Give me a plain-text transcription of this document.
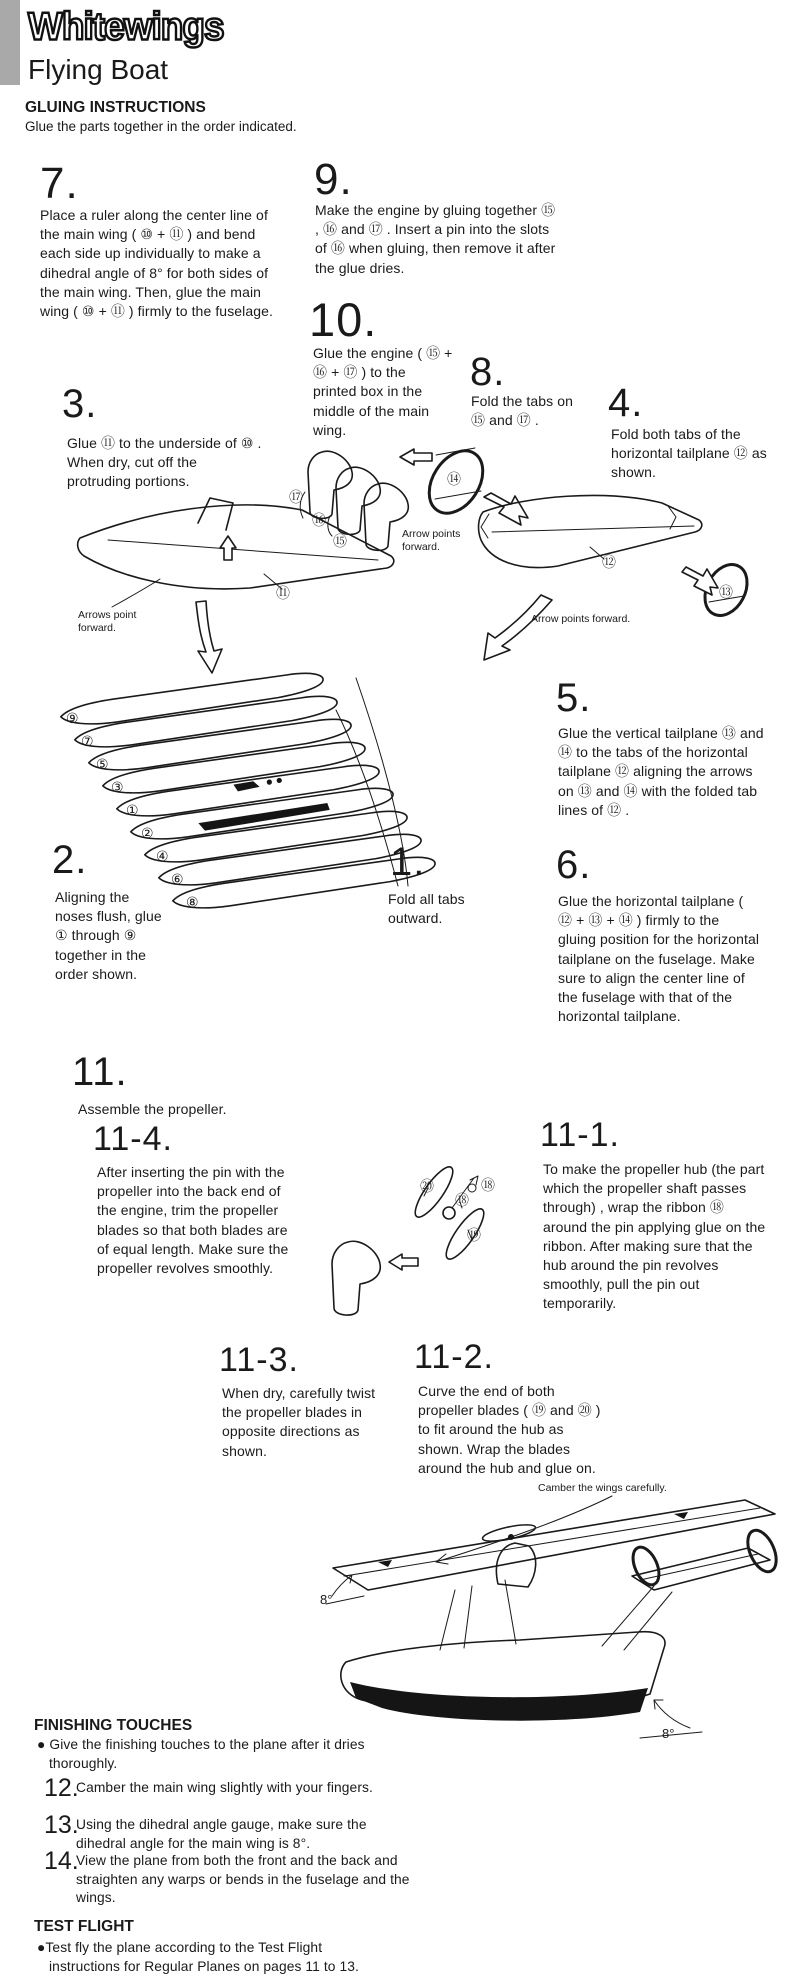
Whitewings
Flying Boat
GLUING INSTRUCTIONS
Glue the parts together in the order indicated.
7.
Place a ruler along the center line of the main wing ( ⑩ + ⑪ ) and bend each side up individually to make a dihedral angle of 8° for both sides of the main wing. Then, glue the main wing ( ⑩ + ⑪ ) firmly to the fuselage.
9.
Make the engine by gluing together ⑮ , ⑯ and ⑰ . Insert a pin into the slots of ⑯ when gluing, then remove it after the glue dries.
10.
Glue the engine ( ⑮ + ⑯ + ⑰ ) to the printed box in the middle of the main wing.
8.
Fold the tabs on ⑮ and ⑰ .	4.
Fold both tabs of the horizontal tailplane ⑫ as shown.
3.
Glue ⑪ to the underside of ⑩ . When dry, cut off the protruding portions.
⑰
⑯
⑮
⑭
⑪
⑫
⑬
Arrows point forward.
Arrow points forward.
Arrow points forward.
⑨
⑦
⑤
③
①
②
④
⑥
⑧
5.
Glue the vertical tailplane ⑬ and ⑭ to the tabs of the horizontal tailplane ⑫ aligning the arrows on ⑬ and ⑭ with the folded tab lines of ⑫ .
6.
Glue the horizontal tailplane ( ⑫ + ⑬ + ⑭ ) firmly to the gluing position for the horizontal tailplane on the fuselage. Make sure to align the center line of the fuselage with that of the horizontal tailplane.
2.
Aligning the noses flush, glue ① through ⑨ together in the order shown.
1.
Fold all tabs outward.
11.
Assemble the propeller.
11-4.
After inserting the pin with the propeller into the back end of the engine, trim the propeller blades so that both blades are of equal length. Make sure the propeller revolves smoothly.
11-1.
To make the propeller hub (the part which the propeller shaft passes through) , wrap the ribbon ⑱ around the pin applying glue on the ribbon. After making sure that the hub around the pin revolves smoothly, pull the pin out temporarily.
⑳
⑱
⑱
⑲
11-3.
When dry, carefully twist the propeller blades in opposite directions as shown.
11-2.
Curve the end of both propeller blades ( ⑲ and ⑳ ) to fit around the hub as shown. Wrap the blades around the hub and glue on.
Camber the wings carefully.
8°
8°
FINISHING TOUCHES
● Give the finishing touches to the plane after it dries thoroughly.
12.
Camber the main wing slightly with your fingers.
13.
Using the dihedral angle gauge, make sure the dihedral angle for the main wing is 8°.
14.
View the plane from both the front and the back and straighten any warps or bends in the fuselage and the wings.
TEST FLIGHT
●Test fly the plane according to the Test Flight instructions for Regular Planes on pages 11 to 13.
